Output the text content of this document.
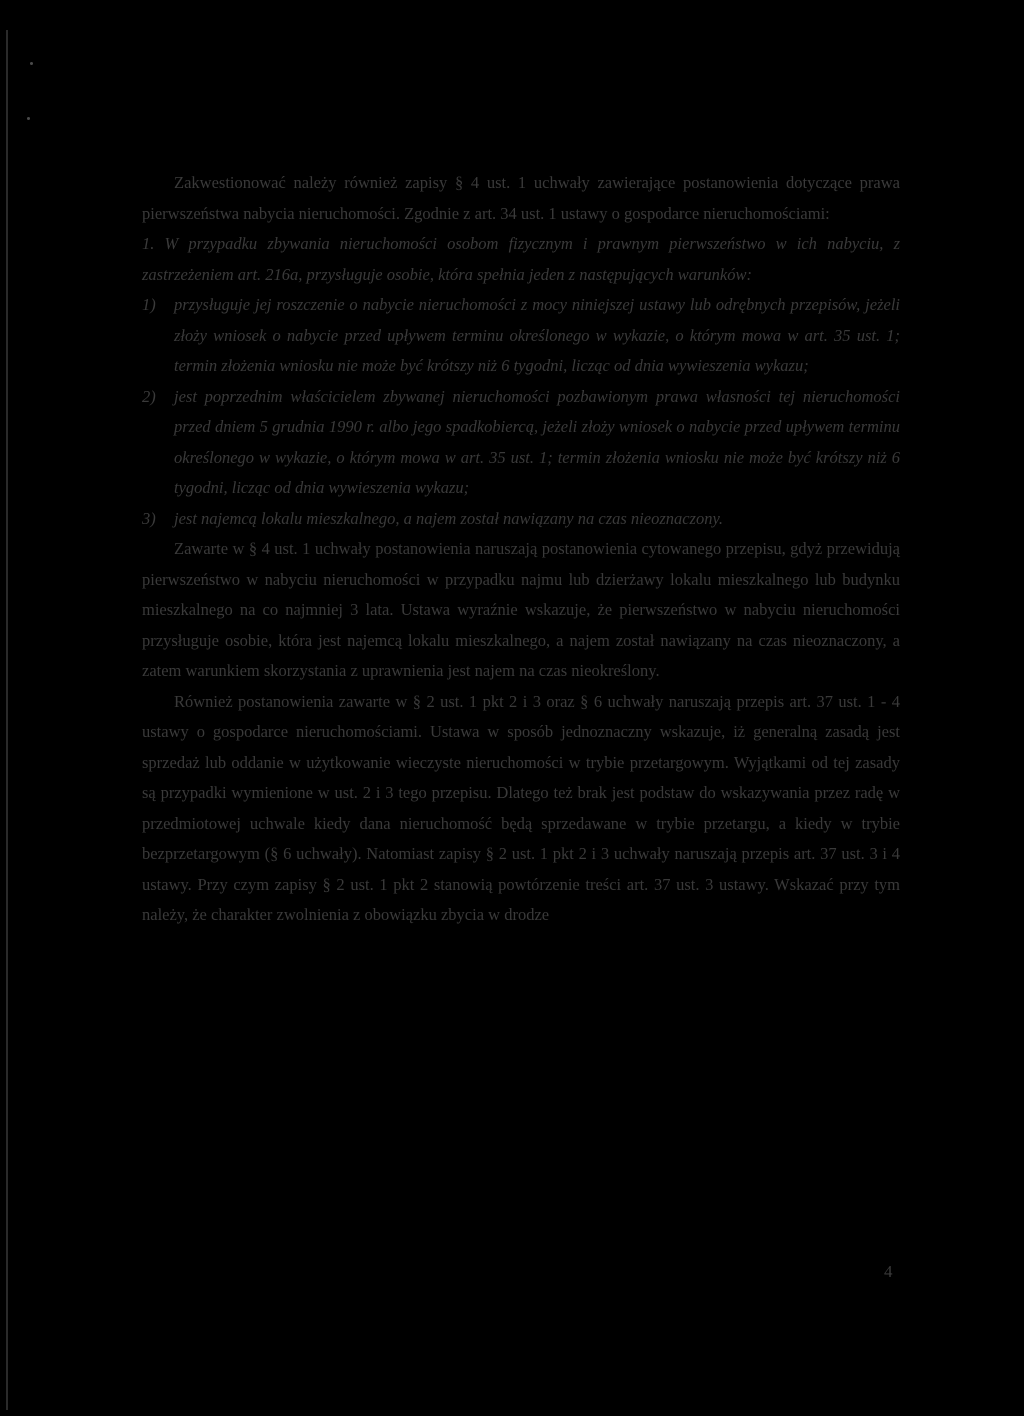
Zakwestionować należy również zapisy § 4 ust. 1 uchwały zawierające postanowienia dotyczące prawa pierwszeństwa nabycia nieruchomości. Zgodnie z art. 34 ust. 1 ustawy o gospodarce nieruchomościami:

1. W przypadku zbywania nieruchomości osobom fizycznym i prawnym pierwszeństwo w ich nabyciu, z zastrzeżeniem art. 216a, przysługuje osobie, która spełnia jeden z następujących warunków:

1)	przysługuje jej roszczenie o nabycie nieruchomości z mocy niniejszej ustawy lub odrębnych przepisów, jeżeli złoży wniosek o nabycie przed upływem terminu określonego w wykazie, o którym mowa w art. 35 ust. 1; termin złożenia wniosku nie może być krótszy niż 6 tygodni, licząc od dnia wywieszenia wykazu;
2)	jest poprzednim właścicielem zbywanej nieruchomości pozbawionym prawa własności tej nieruchomości przed dniem 5 grudnia 1990 r. albo jego spadkobiercą, jeżeli złoży wniosek o nabycie przed upływem terminu określonego w wykazie, o którym mowa w art. 35 ust. 1; termin złożenia wniosku nie może być krótszy niż 6 tygodni, licząc od dnia wywieszenia wykazu;
3)	jest najemcą lokalu mieszkalnego, a najem został nawiązany na czas nieoznaczony.

Zawarte w § 4 ust. 1 uchwały postanowienia naruszają postanowienia cytowanego przepisu, gdyż przewidują pierwszeństwo w nabyciu nieruchomości w przypadku najmu lub dzierżawy lokalu mieszkalnego lub budynku mieszkalnego na co najmniej 3 lata. Ustawa wyraźnie wskazuje, że pierwszeństwo w nabyciu nieruchomości przysługuje osobie, która jest najemcą lokalu mieszkalnego, a najem został nawiązany na czas nieoznaczony, a zatem warunkiem skorzystania z uprawnienia jest najem na czas nieokreślony.

Również postanowienia zawarte w § 2 ust. 1 pkt 2 i 3 oraz § 6 uchwały naruszają przepis art. 37 ust. 1 - 4 ustawy o gospodarce nieruchomościami. Ustawa w sposób jednoznaczny wskazuje, iż generalną zasadą jest sprzedaż lub oddanie w użytkowanie wieczyste nieruchomości w trybie przetargowym. Wyjątkami od tej zasady są przypadki wymienione w ust. 2 i 3 tego przepisu. Dlatego też brak jest podstaw do wskazywania przez radę w przedmiotowej uchwale kiedy dana nieruchomość będą sprzedawane w trybie przetargu, a kiedy w trybie bezprzetargowym (§ 6 uchwały). Natomiast zapisy § 2 ust. 1 pkt 2 i 3 uchwały naruszają przepis art. 37 ust. 3 i 4 ustawy. Przy czym zapisy § 2 ust. 1 pkt 2 stanowią powtórzenie treści art. 37 ust. 3 ustawy. Wskazać przy tym należy, że charakter zwolnienia z obowiązku zbycia w drodze

4
